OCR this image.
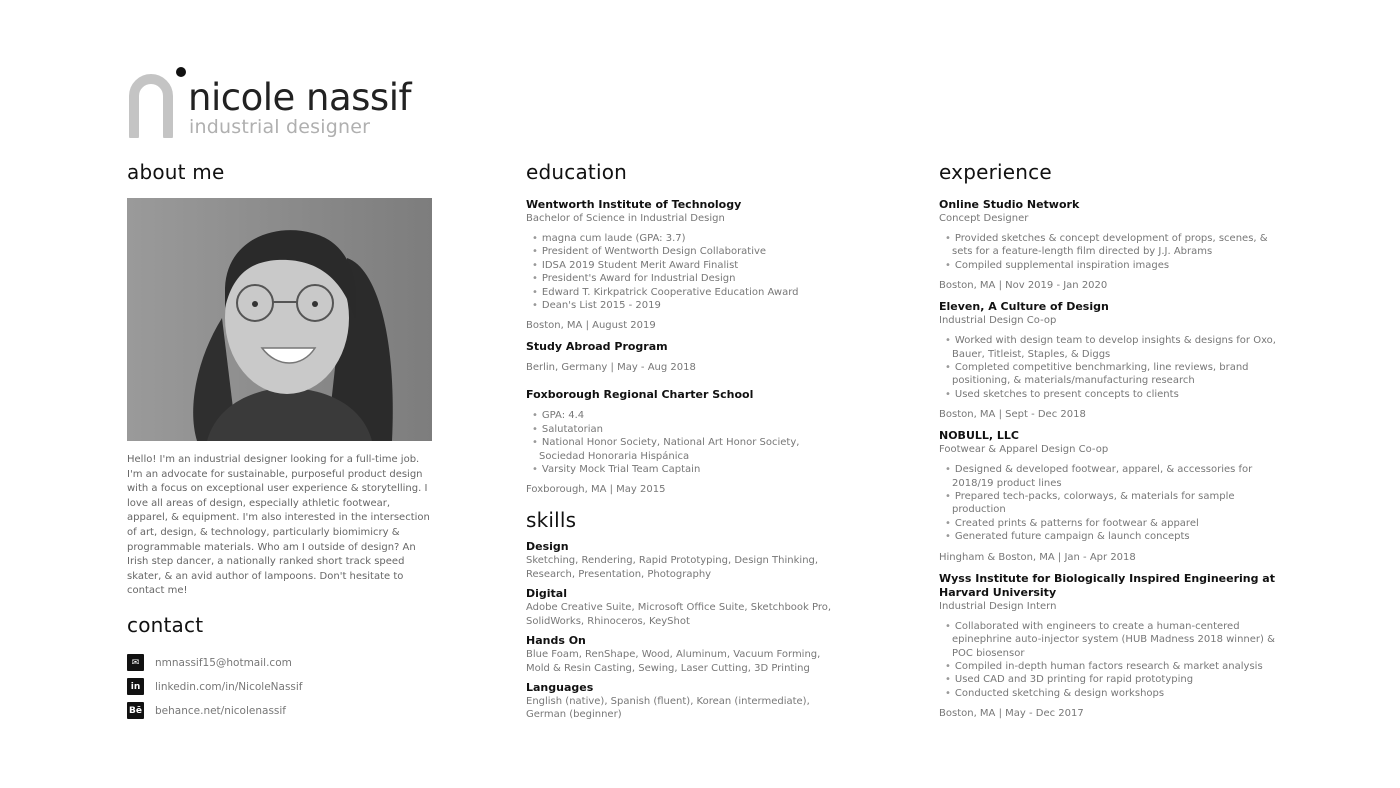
nicole nassif
industrial designer
about me

Hello! I'm an industrial designer looking for a full-time job. I'm an advocate for sustainable, purposeful product design with a focus on exceptional user experience & storytelling. I love all areas of design, especially athletic footwear, apparel, & equipment. I'm also interested in the intersection of art, design, & technology, particularly biomimicry & programmable materials. Who am I outside of design? An Irish step dancer, a nationally ranked short track speed skater, & an avid author of lampoons. Don't hesitate to contact me!

contact
✉	nmnassif15@hotmail.com
in	linkedin.com/in/NicoleNassif
Bē behance.net/nicolenassif
education
Wentworth Institute of Technology
Bachelor of Science in Industrial Design
• magna cum laude (GPA: 3.7)
• President of Wentworth Design Collaborative
• IDSA 2019 Student Merit Award Finalist
• President's Award for Industrial Design
• Edward T. Kirkpatrick Cooperative Education Award
• Dean's List 2015 - 2019
Boston, MA | August 2019
Study Abroad Program
Berlin, Germany | May - Aug 2018
Foxborough Regional Charter School
• GPA: 4.4
• Salutatorian
• National Honor Society, National Art Honor Society, Sociedad Honoraria Hispánica
• Varsity Mock Trial Team Captain
Foxborough, MA | May 2015
skills
Design
Sketching, Rendering, Rapid Prototyping, Design Thinking, Research, Presentation, Photography
Digital
Adobe Creative Suite, Microsoft Office Suite, Sketchbook Pro, SolidWorks, Rhinoceros, KeyShot
Hands On
Blue Foam, RenShape, Wood, Aluminum, Vacuum Forming, Mold & Resin Casting, Sewing, Laser Cutting, 3D Printing
Languages
English (native), Spanish (fluent), Korean (intermediate), German (beginner)
experience
Online Studio Network
Concept Designer
• Provided sketches & concept development of props, scenes, & sets for a feature-length film directed by J.J. Abrams
• Compiled supplemental inspiration images
Boston, MA | Nov 2019 - Jan 2020
Eleven, A Culture of Design
Industrial Design Co-op
• Worked with design team to develop insights & designs for Oxo, Bauer, Titleist, Staples, & Diggs
• Completed competitive benchmarking, line reviews, brand positioning, & materials/manufacturing research
• Used sketches to present concepts to clients
Boston, MA | Sept - Dec 2018
NOBULL, LLC
Footwear & Apparel Design Co-op
• Designed & developed footwear, apparel, & accessories for 2018/19 product lines
• Prepared tech-packs, colorways, & materials for sample production
• Created prints & patterns for footwear & apparel
• Generated future campaign & launch concepts
Hingham & Boston, MA | Jan - Apr 2018
Wyss Institute for Biologically Inspired Engineering at Harvard University
Industrial Design Intern
• Collaborated with engineers to create a human-centered epinephrine auto-injector system (HUB Madness 2018 winner) & POC biosensor
• Compiled in-depth human factors research & market analysis
• Used CAD and 3D printing for rapid prototyping
• Conducted sketching & design workshops
Boston, MA | May - Dec 2017
